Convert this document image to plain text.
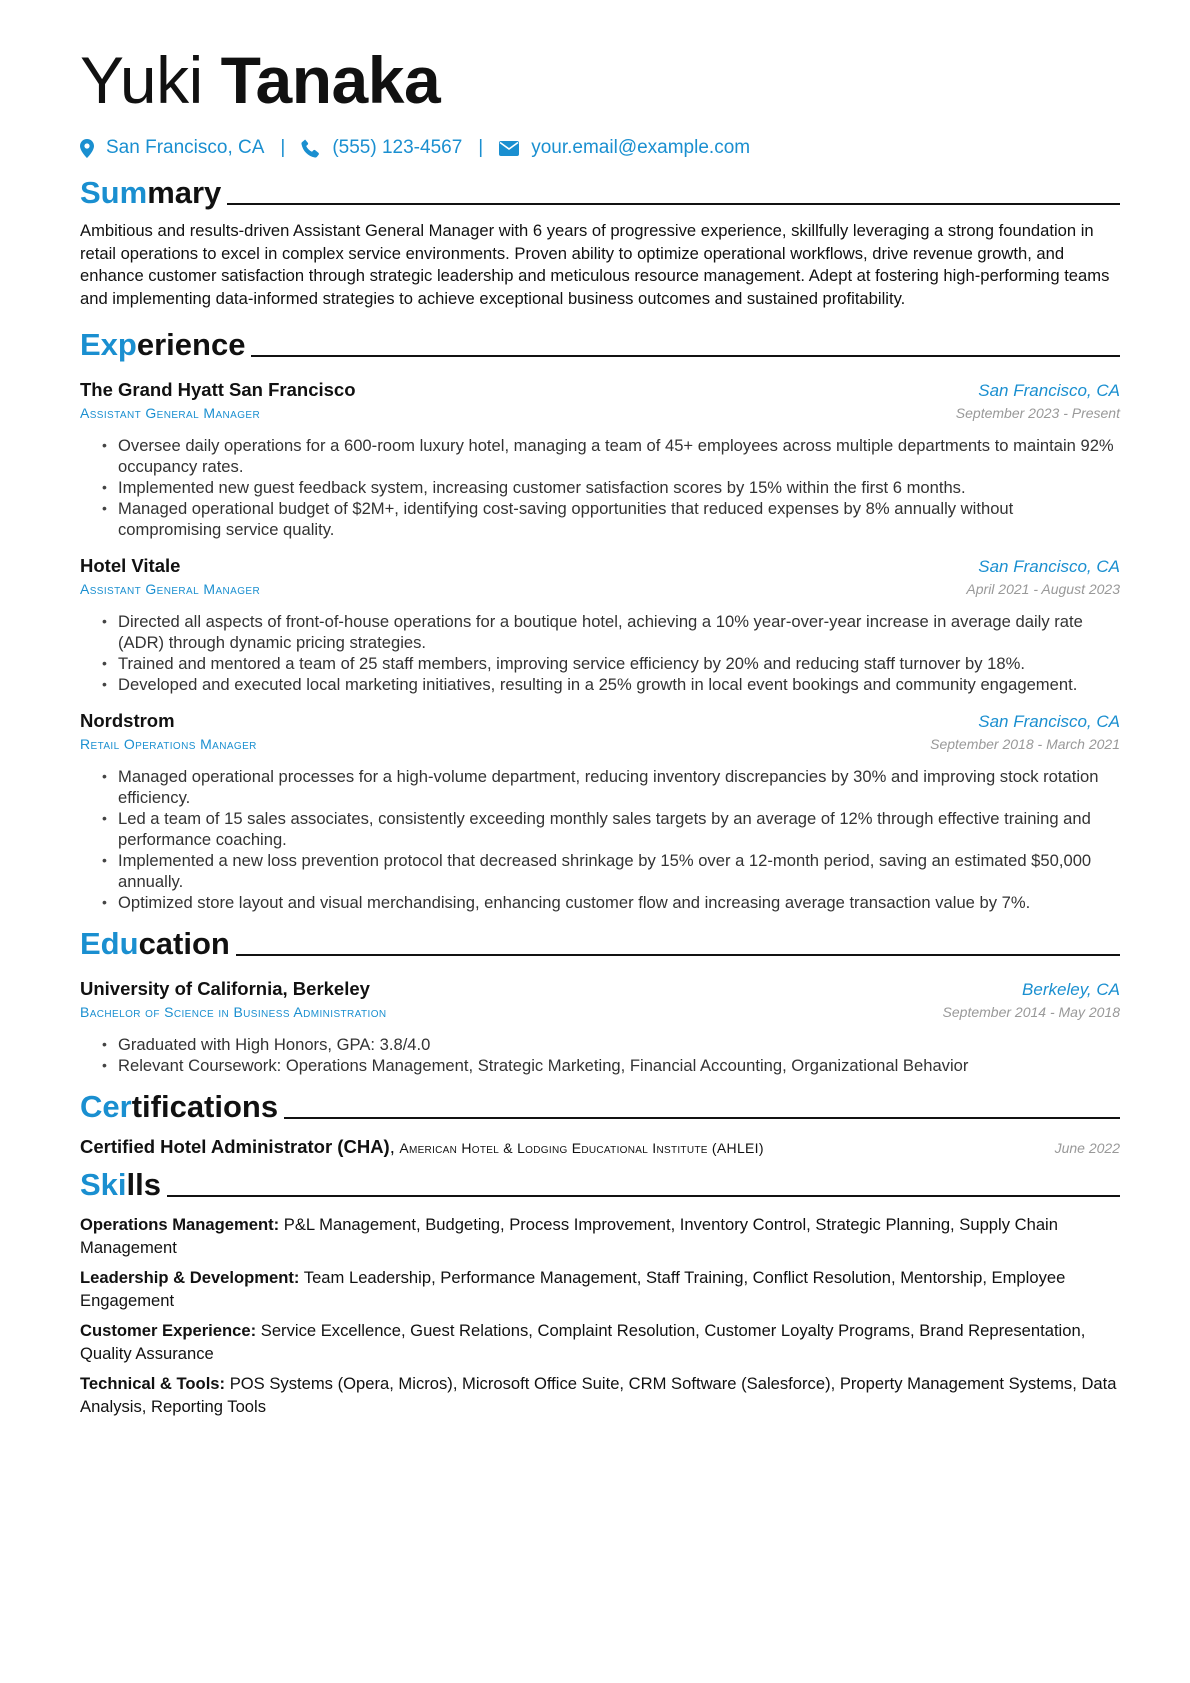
Yuki Tanaka
San Francisco, CA | (555) 123-4567 |	your.email@example.com
Summary
Ambitious and results-driven Assistant General Manager with 6 years of progressive experience, skillfully leveraging a strong foundation in retail operations to excel in complex service environments. Proven ability to optimize operational workflows, drive revenue growth, and enhance customer satisfaction through strategic leadership and meticulous resource management. Adept at fostering high-performing teams and implementing data-informed strategies to achieve exceptional business outcomes and sustained profitability.
Experience
The Grand Hyatt San Francisco	San Francisco, CA
Assistant General Manager	September 2023 - Present
• Oversee daily operations for a 600-room luxury hotel, managing a team of 45+ employees across multiple departments to maintain 92% occupancy rates.
• Implemented new guest feedback system, increasing customer satisfaction scores by 15% within the first 6 months.
• Managed operational budget of $2M+, identifying cost-saving opportunities that reduced expenses by 8% annually without compromising service quality.
Hotel Vitale	San Francisco, CA
Assistant General Manager	April 2021 - August 2023
• Directed all aspects of front-of-house operations for a boutique hotel, achieving a 10% year-over-year increase in average daily rate (ADR) through dynamic pricing strategies.
• Trained and mentored a team of 25 staff members, improving service efficiency by 20% and reducing staff turnover by 18%.
• Developed and executed local marketing initiatives, resulting in a 25% growth in local event bookings and community engagement.
Nordstrom	San Francisco, CA
Retail Operations Manager	September 2018 - March 2021
• Managed operational processes for a high-volume department, reducing inventory discrepancies by 30% and improving stock rotation efficiency.
• Led a team of 15 sales associates, consistently exceeding monthly sales targets by an average of 12% through effective training and performance coaching.
• Implemented a new loss prevention protocol that decreased shrinkage by 15% over a 12-month period, saving an estimated $50,000 annually.
• Optimized store layout and visual merchandising, enhancing customer flow and increasing average transaction value by 7%.
Education
University of California, Berkeley	Berkeley, CA
Bachelor of Science in Business Administration	September 2014 - May 2018
• Graduated with High Honors, GPA: 3.8/4.0
• Relevant Coursework: Operations Management, Strategic Marketing, Financial Accounting, Organizational Behavior
Certifications
Certified Hotel Administrator (CHA), American Hotel & Lodging Educational Institute (AHLEI)	June 2022
Skills
Operations Management: P&L Management, Budgeting, Process Improvement, Inventory Control, Strategic Planning, Supply Chain Management
Leadership & Development: Team Leadership, Performance Management, Staff Training, Conflict Resolution, Mentorship, Employee Engagement
Customer Experience: Service Excellence, Guest Relations, Complaint Resolution, Customer Loyalty Programs, Brand Representation, Quality Assurance
Technical & Tools: POS Systems (Opera, Micros), Microsoft Office Suite, CRM Software (Salesforce), Property Management Systems, Data Analysis, Reporting Tools
